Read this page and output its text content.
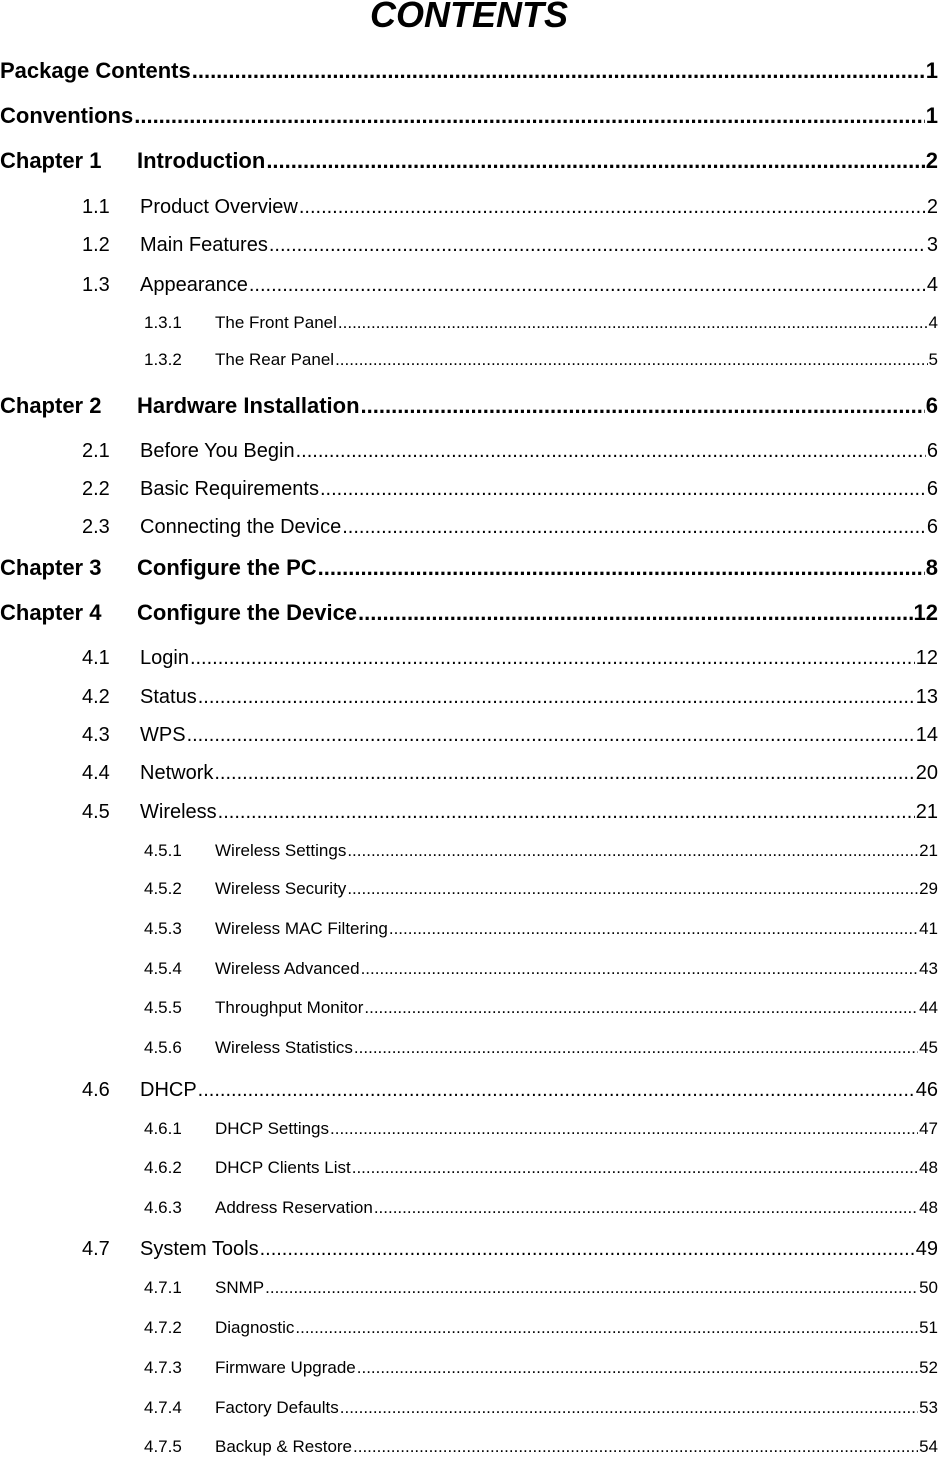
CONTENTS
Package Contents .....	1
Conventions .....	1
Chapter 1	Introduction .....	2
1.1	Product Overview .....	2
1.2	Main Features .....	3
1.3	Appearance .....	4
1.3.1	The Front Panel .....	4
1.3.2	The Rear Panel .....	5
Chapter 2	Hardware Installation .....	6
2.1	Before You Begin .....	6
2.2	Basic Requirements .....	6
2.3	Connecting the Device .....	6
Chapter 3	Configure the PC .....	8
Chapter 4	Configure the Device .....	12
4.1	Login .....	12
4.2	Status .....	13
4.3	WPS .....	14
4.4	Network .....	20
4.5	Wireless .....	21
4.5.1	Wireless Settings .....	21
4.5.2	Wireless Security .....	29
4.5.3	Wireless MAC Filtering .....	41
4.5.4	Wireless Advanced .....	43
4.5.5	Throughput Monitor .....	44
4.5.6	Wireless Statistics .....	45
4.6	DHCP .....	46
4.6.1	DHCP Settings .....	47
4.6.2	DHCP Clients List .....	48
4.6.3	Address Reservation .....	48
4.7	System Tools .....	49
4.7.1	SNMP .....	50
4.7.2	Diagnostic .....	51
4.7.3	Firmware Upgrade .....	52
4.7.4	Factory Defaults .....	53
4.7.5	Backup & Restore .....	54
